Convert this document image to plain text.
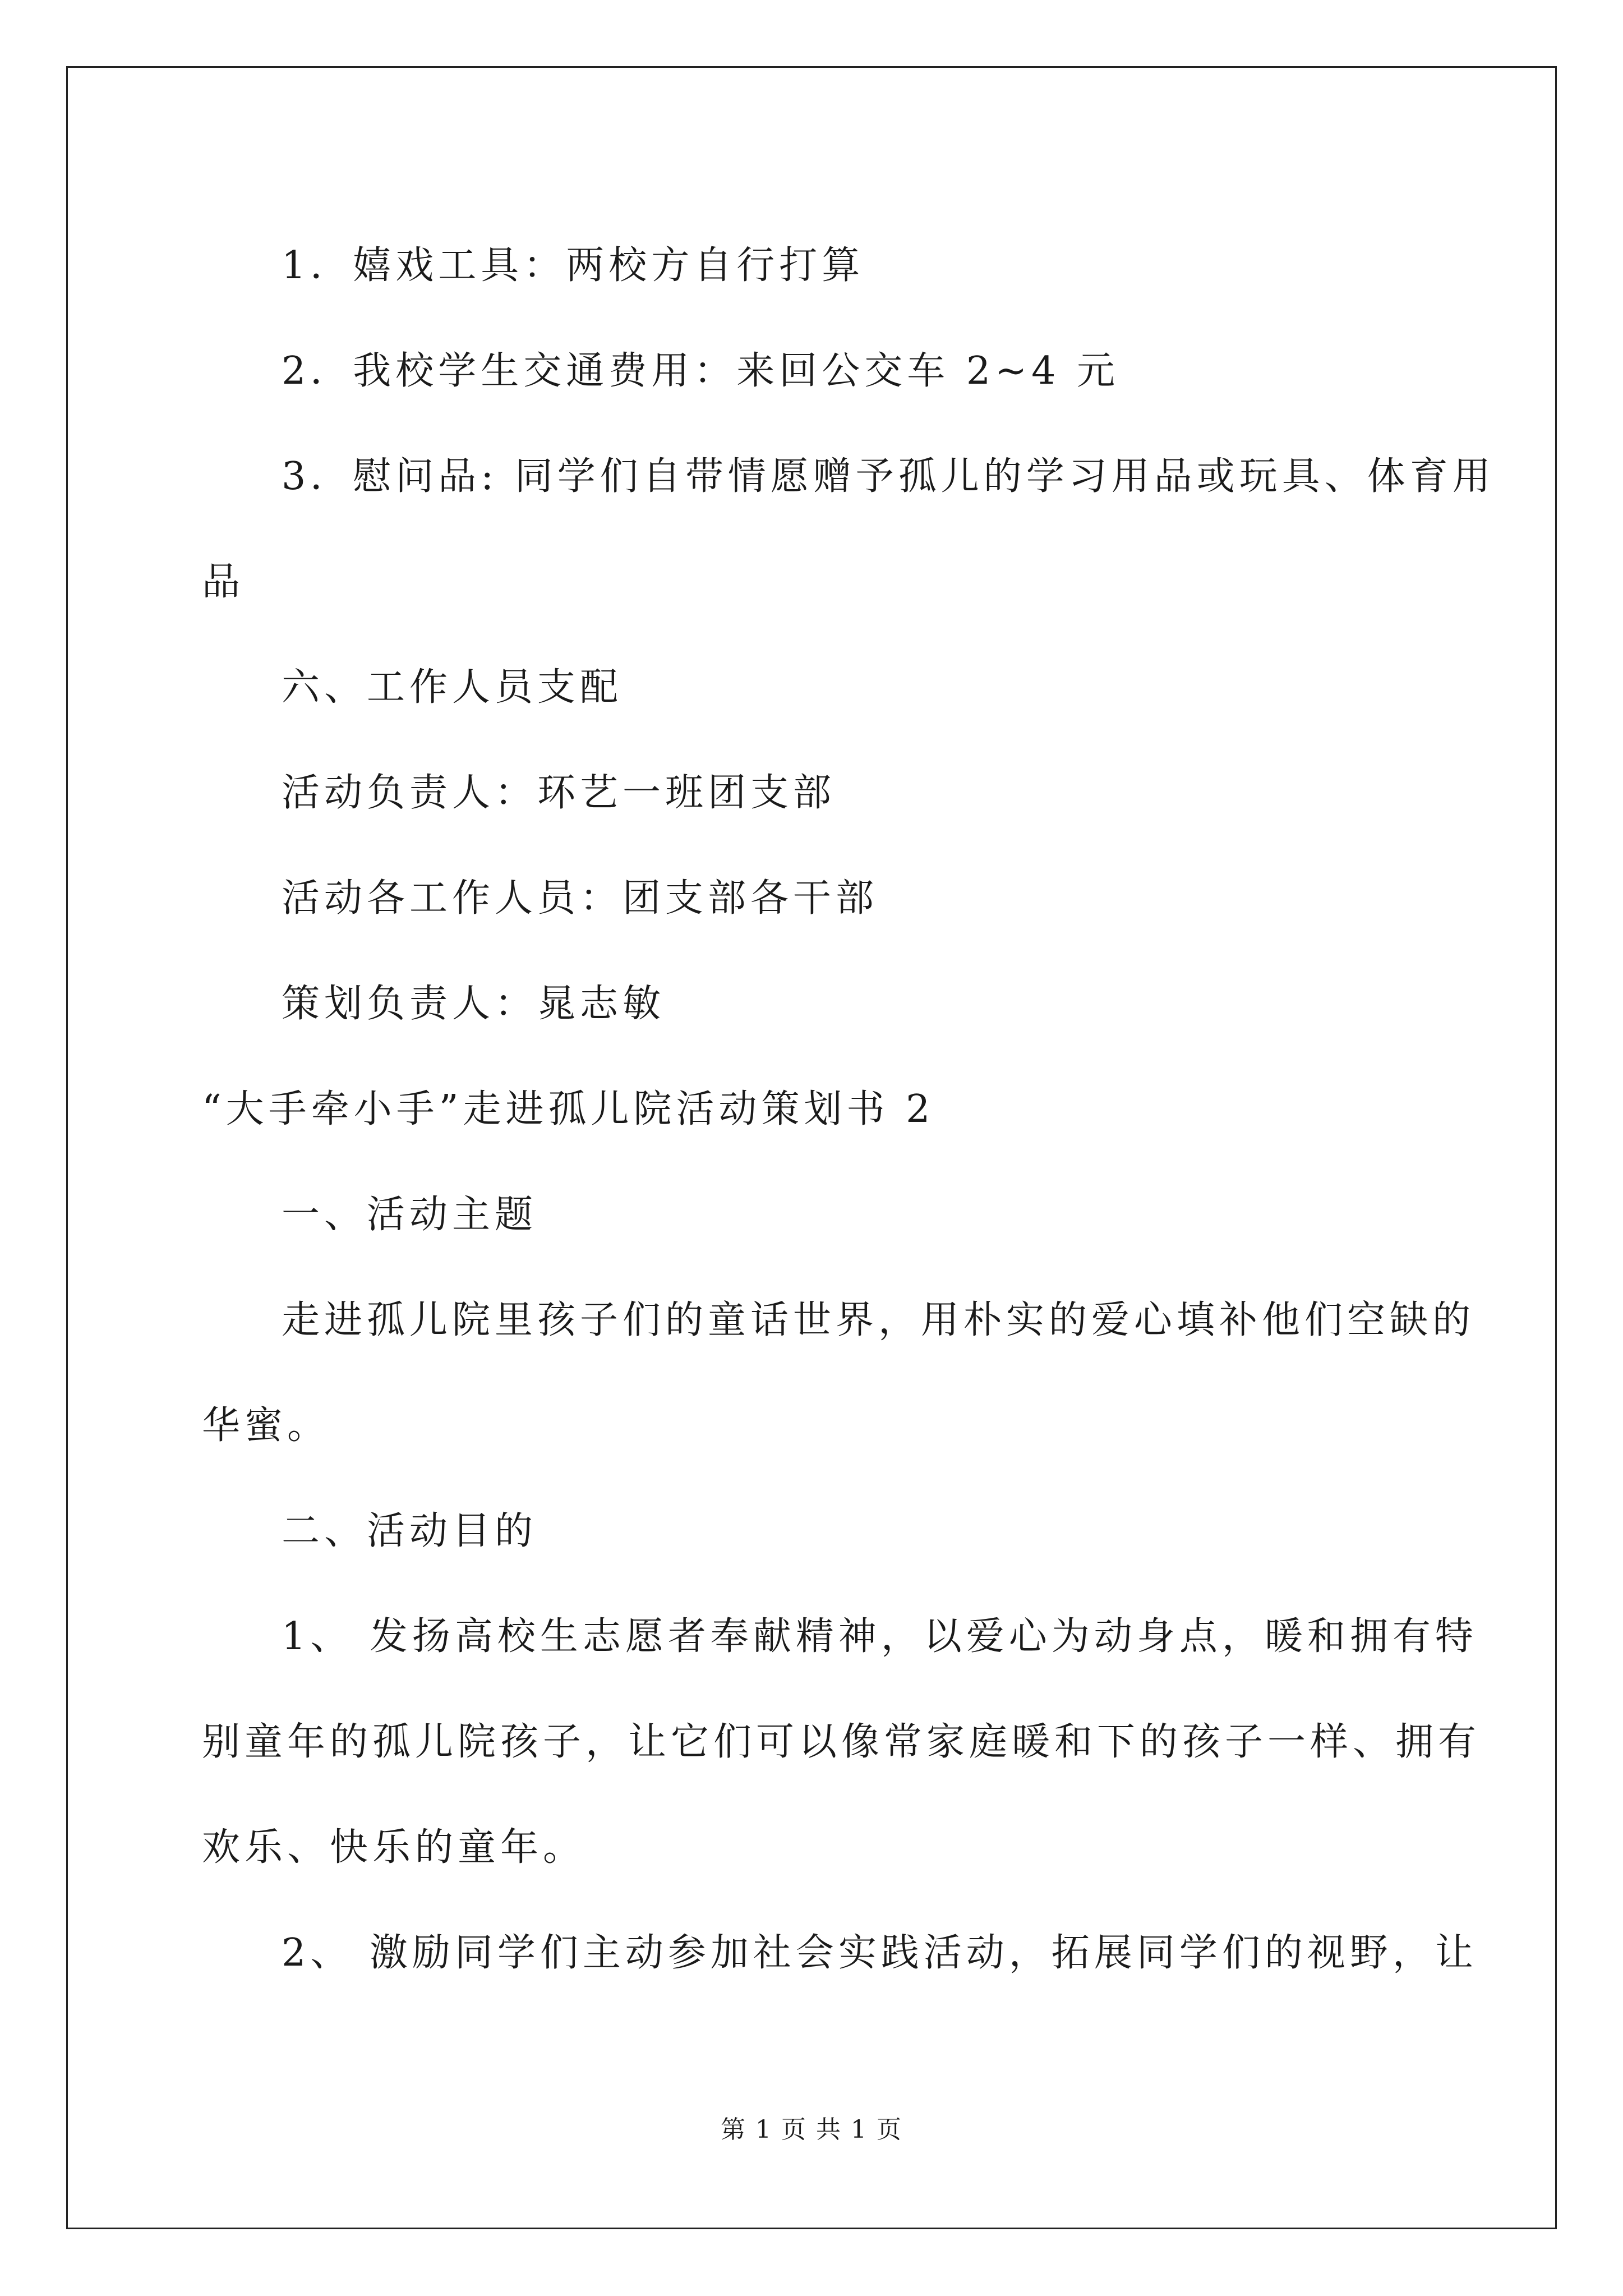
1．嬉戏工具：两校方自行打算

2．我校学生交通费用：来回公交车 2~4 元

3．慰问品: 同学们自带情愿赠予孤儿的学习用品或玩具、体育用

品

六、工作人员支配

活动负责人：环艺一班团支部

活动各工作人员：团支部各干部

策划负责人：晁志敏

“大手牵小手”走进孤儿院活动策划书 2

一、活动主题

走进孤儿院里孩子们的童话世界，用朴实的爱心填补他们空缺的

华蜜。

二、活动目的

1、 发扬高校生志愿者奉献精神，以爱心为动身点，暖和拥有特

别童年的孤儿院孩子，让它们可以像常家庭暖和下的孩子一样、拥有

欢乐、快乐的童年。

2、 激励同学们主动参加社会实践活动，拓展同学们的视野，让

第 1 页 共 1 页
